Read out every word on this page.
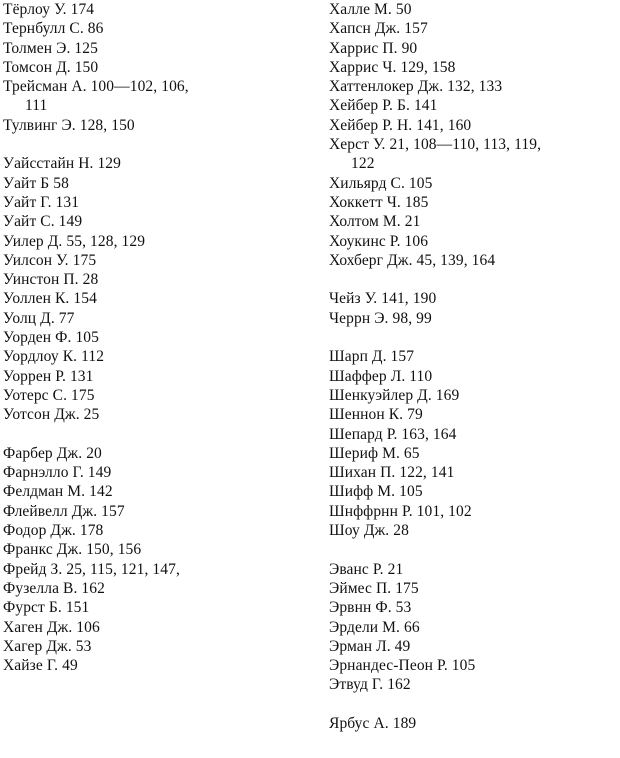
Тёрлоу У. 174
Тернбулл С. 86
Толмен Э. 125
Томсон Д. 150
Трейсман А. 100—102, 106,
111
Тулвинг Э. 128, 150
Уайсстайн Н. 129
Уайт Б 58
Уайт Г. 131
Уайт С. 149
Уилер Д. 55, 128, 129
Уилсон У. 175
Уинстон П. 28
Уоллен К. 154
Уолц Д. 77
Уорден Ф. 105
Уордлоу К. 112
Уоррен Р. 131
Уотерс С. 175
Уотсон Дж. 25
Фарбер Дж. 20
Фарнэлло Г. 149
Фелдман М. 142
Флейвелл Дж. 157
Фодор Дж. 178
Франкс Дж. 150, 156
Фрейд З. 25, 115, 121, 147,
Фузелла В. 162
Фурст Б. 151
Хаген Дж. 106
Хагер Дж. 53
Хайзе Г. 49
Халле М. 50
Хапсн Дж. 157
Харрис П. 90
Харрис Ч. 129, 158
Хаттенлокер Дж. 132, 133
Хейбер Р. Б. 141
Хейбер Р. Н. 141, 160
Херст У. 21, 108—110, 113, 119,
122
Хильярд С. 105
Хоккетт Ч. 185
Холтом М. 21
Хоукинс Р. 106
Хохберг Дж. 45, 139, 164
Чейз У. 141, 190
Черрн Э. 98, 99
Шарп Д. 157
Шаффер Л. 110
Шенкуэйлер Д. 169
Шеннон К. 79
Шепард Р. 163, 164
Шериф М. 65
Шихан П. 122, 141
Шифф М. 105
Шнффрнн Р. 101, 102
Шоу Дж. 28
Эванс Р. 21
Эймес П. 175
Эрвнн Ф. 53
Эрдели М. 66
Эрман Л. 49
Эрнандес-Пеон Р. 105
Этвуд Г. 162
Ярбус А. 189
